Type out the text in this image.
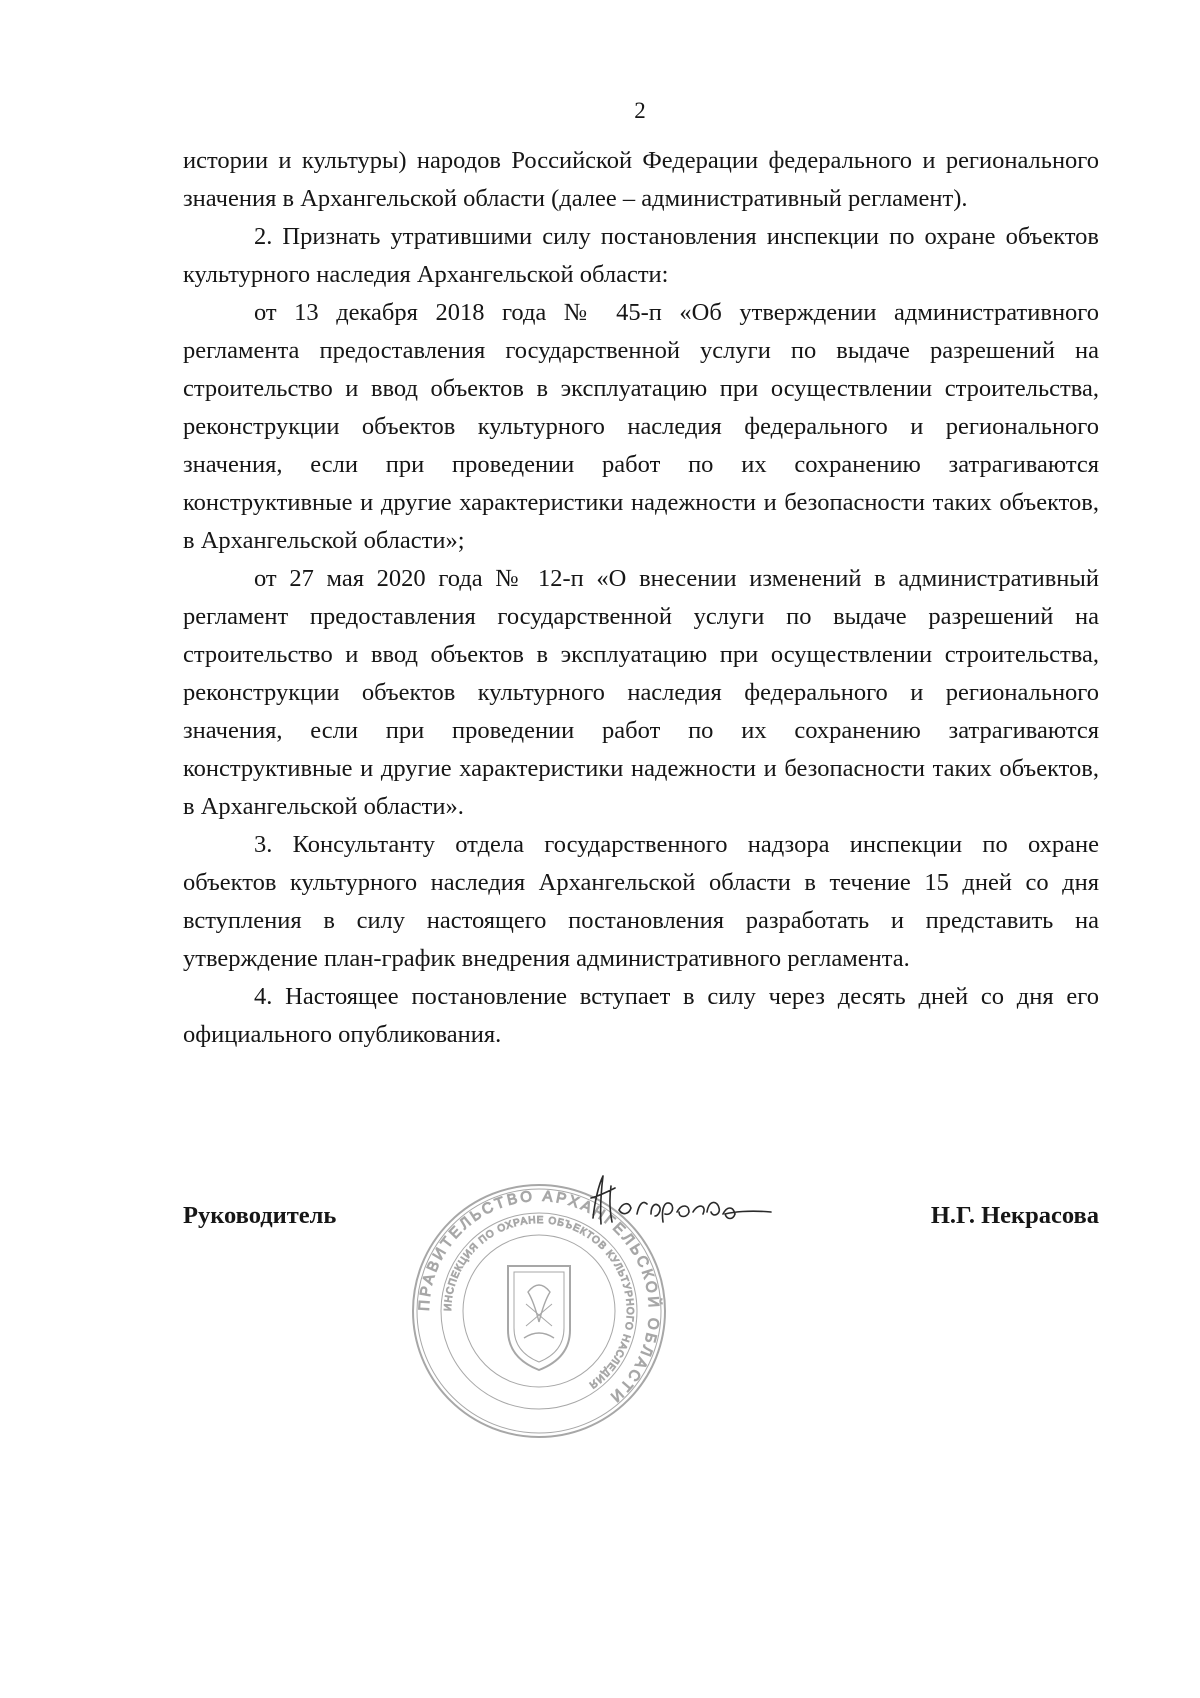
2

истории и культуры) народов Российской Федерации федерального и регионального значения в Архангельской области (далее – административный регламент).

2. Признать утратившими силу постановления инспекции по охране объектов культурного наследия Архангельской области:

от 13 декабря 2018 года № 45-п «Об утверждении административного регламента предоставления государственной услуги по выдаче разрешений на строительство и ввод объектов в эксплуатацию при осуществлении строительства, реконструкции объектов культурного наследия федерального и регионального значения, если при проведении работ по их сохранению затрагиваются конструктивные и другие характеристики надежности и безопасности таких объектов, в Архангельской области»;

от 27 мая 2020 года № 12-п «О внесении изменений в административный регламент предоставления государственной услуги по выдаче разрешений на строительство и ввод объектов в эксплуатацию при осуществлении строительства, реконструкции объектов культурного наследия федерального и регионального значения, если при проведении работ по их сохранению затрагиваются конструктивные и другие характеристики надежности и безопасности таких объектов, в Архангельской области».

3. Консультанту отдела государственного надзора инспекции по охране объектов культурного наследия Архангельской области в течение 15 дней со дня вступления в силу настоящего постановления разработать и представить на утверждение план-график внедрения административного регламента.

4. Настоящее постановление вступает в силу через десять дней со дня его официального опубликования.

ПРАВИТЕЛЬСТВО АРХАНГЕЛЬСКОЙ ОБЛАСТИ
ИНСПЕКЦИЯ ПО ОХРАНЕ ОБЪЕКТОВ КУЛЬТУРНОГО НАСЛЕДИЯ
Руководитель	Н.Г. Некрасова
